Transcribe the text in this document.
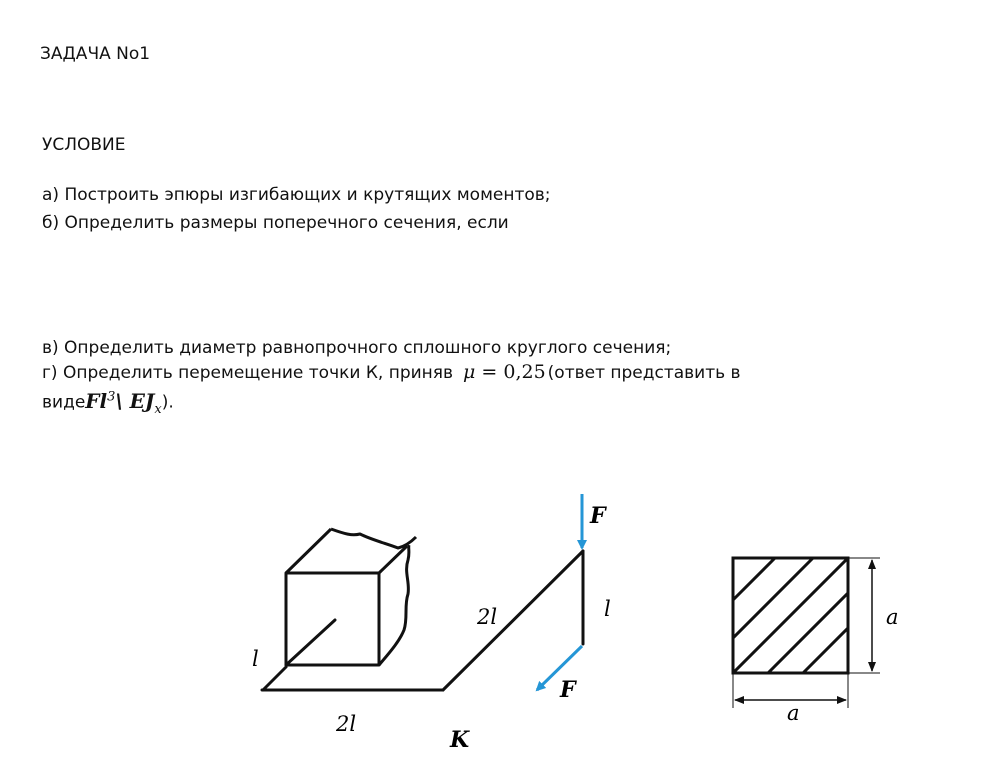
ЗАДАЧА No1
УСЛОВИЕ
а) Построить эпюры изгибающих и крутящих моментов;
б) Определить размеры поперечного сечения, если
в) Определить диаметр равнопрочного сплошного круглого сечения;
г) Определить перемещение точки К, приняв μ = 0,25 (ответ представить в
видеFl$^3$\ $EJ_x$).
F
F
l
2l
l
2l
K
a
a
